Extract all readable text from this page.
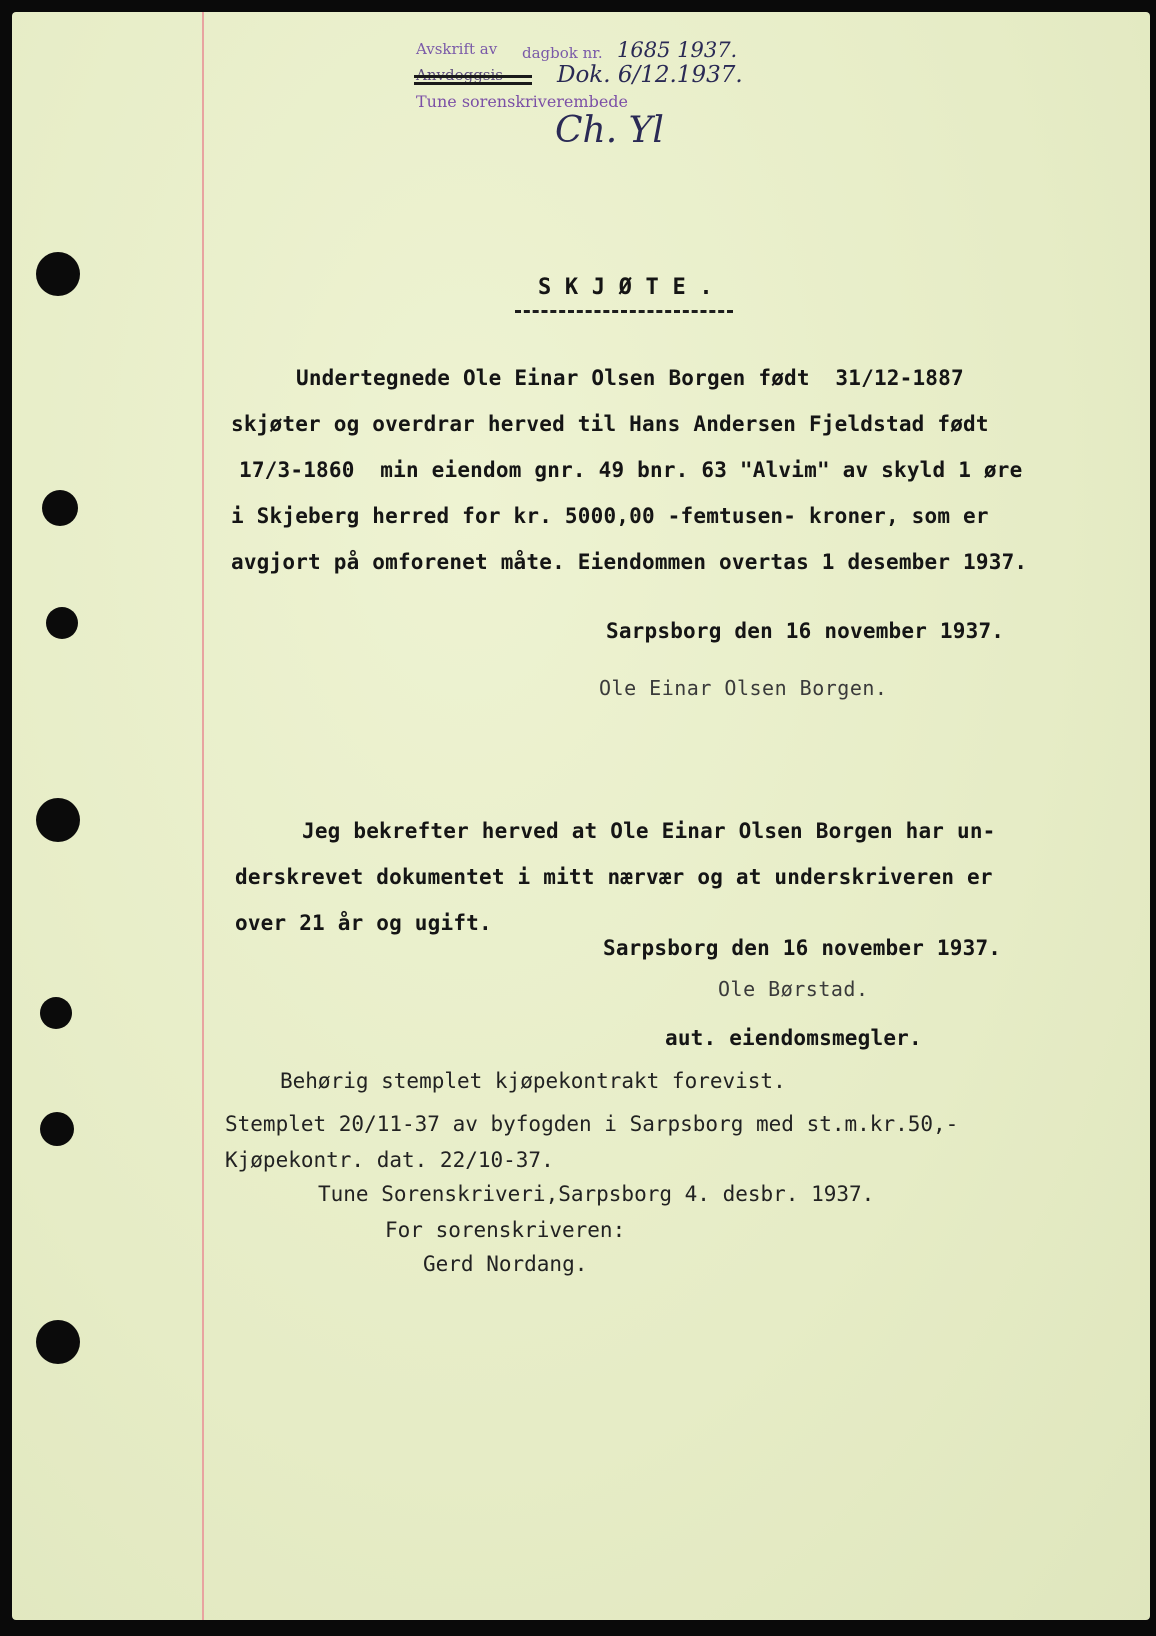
Avskrift av dagbok nr.
Tune sorenskriverembede
1685 1937.
Dok. 6/12.1937.
Ch. Yl
S K J Ø T E .
Undertegnede Ole Einar Olsen Borgen født  31/12-1887
skjøter og overdrar herved til Hans Andersen Fjeldstad født
17/3-1860  min eiendom gnr. 49 bnr. 63 "Alvim" av skyld 1 øre
i Skjeberg herred for kr. 5000,00 -femtusen- kroner, som er
avgjort på omforenet måte. Eiendommen overtas 1 desember 1937.
Sarpsborg den 16 november 1937.
Ole Einar Olsen Borgen.
Jeg bekrefter herved at Ole Einar Olsen Borgen har un-
derskrevet dokumentet i mitt nærvær og at underskriveren er
over 21 år og ugift.
Sarpsborg den 16 november 1937.
Ole Børstad.
aut. eiendomsmegler.
Behørig stemplet kjøpekontrakt forevist.
Stemplet 20/11-37 av byfogden i Sarpsborg med st.m.kr.50,-
Kjøpekontr. dat. 22/10-37.
Tune Sorenskriveri,Sarpsborg 4. desbr. 1937.
For sorenskriveren:
Gerd Nordang.
